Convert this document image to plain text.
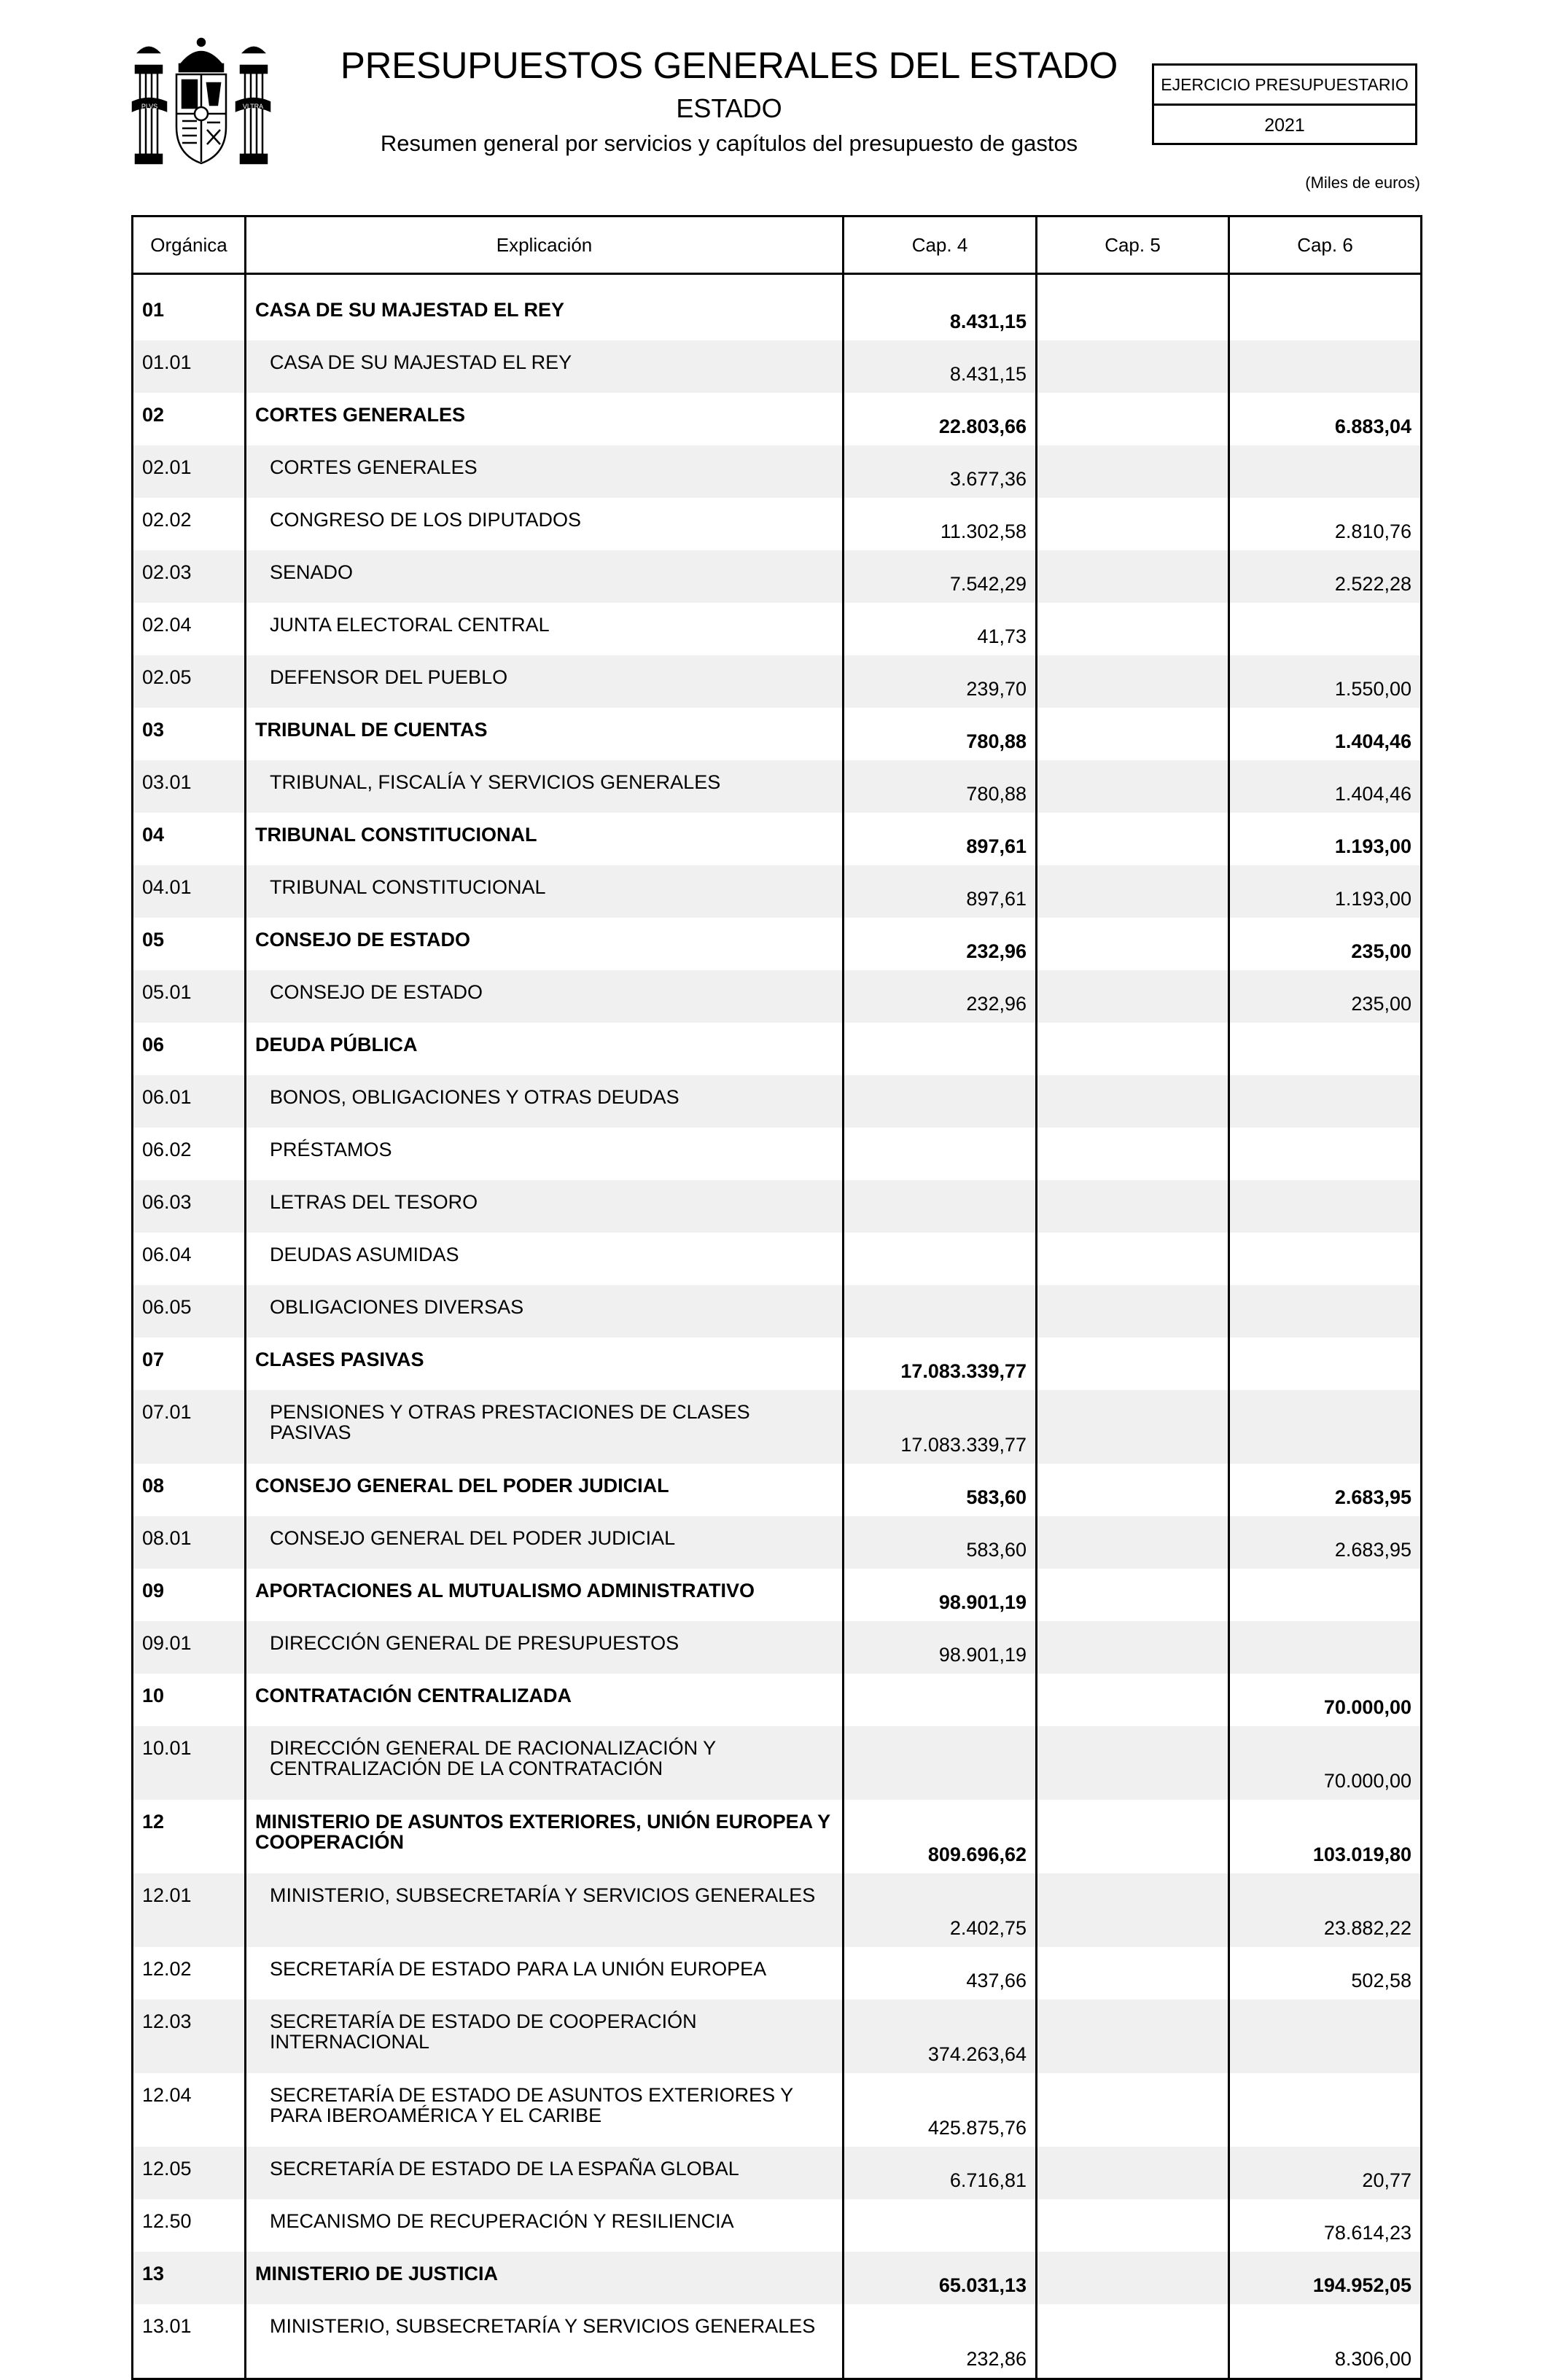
PLVS	VLTRA
PRESUPUESTOS GENERALES DEL ESTADO
ESTADO
Resumen general por servicios y capítulos del presupuesto de gastos
EJERCICIO PRESUPUESTARIO
2021
(Miles de euros)
Orgánica	Explicación	Cap. 4	Cap. 5	Cap. 6

01	CASA DE SU MAJESTAD EL REY	8.431,15		
01.01	CASA DE SU MAJESTAD EL REY	8.431,15		
02	CORTES GENERALES	22.803,66		6.883,04
02.01	CORTES GENERALES	3.677,36		
02.02	CONGRESO DE LOS DIPUTADOS	11.302,58		2.810,76
02.03	SENADO	7.542,29		2.522,28
02.04	JUNTA ELECTORAL CENTRAL	41,73		
02.05	DEFENSOR DEL PUEBLO	239,70		1.550,00
03	TRIBUNAL DE CUENTAS	780,88		1.404,46
03.01	TRIBUNAL, FISCALÍA Y SERVICIOS GENERALES	780,88		1.404,46
04	TRIBUNAL CONSTITUCIONAL	897,61		1.193,00
04.01	TRIBUNAL CONSTITUCIONAL	897,61		1.193,00
05	CONSEJO DE ESTADO	232,96		235,00
05.01	CONSEJO DE ESTADO	232,96		235,00
06	DEUDA PÚBLICA			
06.01	BONOS, OBLIGACIONES Y OTRAS DEUDAS			

06.02	PRÉSTAMOS			

06.03	LETRAS DEL TESORO			

06.04	DEUDAS ASUMIDAS			

06.05	OBLIGACIONES DIVERSAS			

07	CLASES PASIVAS	17.083.339,77		
07.01	PENSIONES Y OTRAS PRESTACIONES DE CLASES PASIVAS	17.083.339,77		
08	CONSEJO GENERAL DEL PODER JUDICIAL	583,60		2.683,95
08.01	CONSEJO GENERAL DEL PODER JUDICIAL	583,60		2.683,95
09	APORTACIONES AL MUTUALISMO ADMINISTRATIVO	98.901,19		
09.01	DIRECCIÓN GENERAL DE PRESUPUESTOS	98.901,19		
10	CONTRATACIÓN CENTRALIZADA			70.000,00
10.01	DIRECCIÓN GENERAL DE RACIONALIZACIÓN Y CENTRALIZACIÓN DE LA CONTRATACIÓN			70.000,00
12	MINISTERIO DE ASUNTOS EXTERIORES, UNIÓN EUROPEA Y COOPERACIÓN	809.696,62		103.019,80
12.01	MINISTERIO, SUBSECRETARÍA Y SERVICIOS GENERALES	2.402,75		23.882,22
12.02	SECRETARÍA DE ESTADO PARA LA UNIÓN EUROPEA	437,66		502,58
12.03	SECRETARÍA DE ESTADO DE COOPERACIÓN INTERNACIONAL	374.263,64		
12.04	SECRETARÍA DE ESTADO DE ASUNTOS EXTERIORES Y PARA IBEROAMÉRICA Y EL CARIBE	425.875,76		
12.05	SECRETARÍA DE ESTADO DE LA ESPAÑA GLOBAL	6.716,81		20,77
12.50	MECANISMO DE RECUPERACIÓN Y RESILIENCIA			78.614,23
13	MINISTERIO DE JUSTICIA	65.031,13		194.952,05
13.01	MINISTERIO, SUBSECRETARÍA Y SERVICIOS GENERALES	232,86		8.306,00
